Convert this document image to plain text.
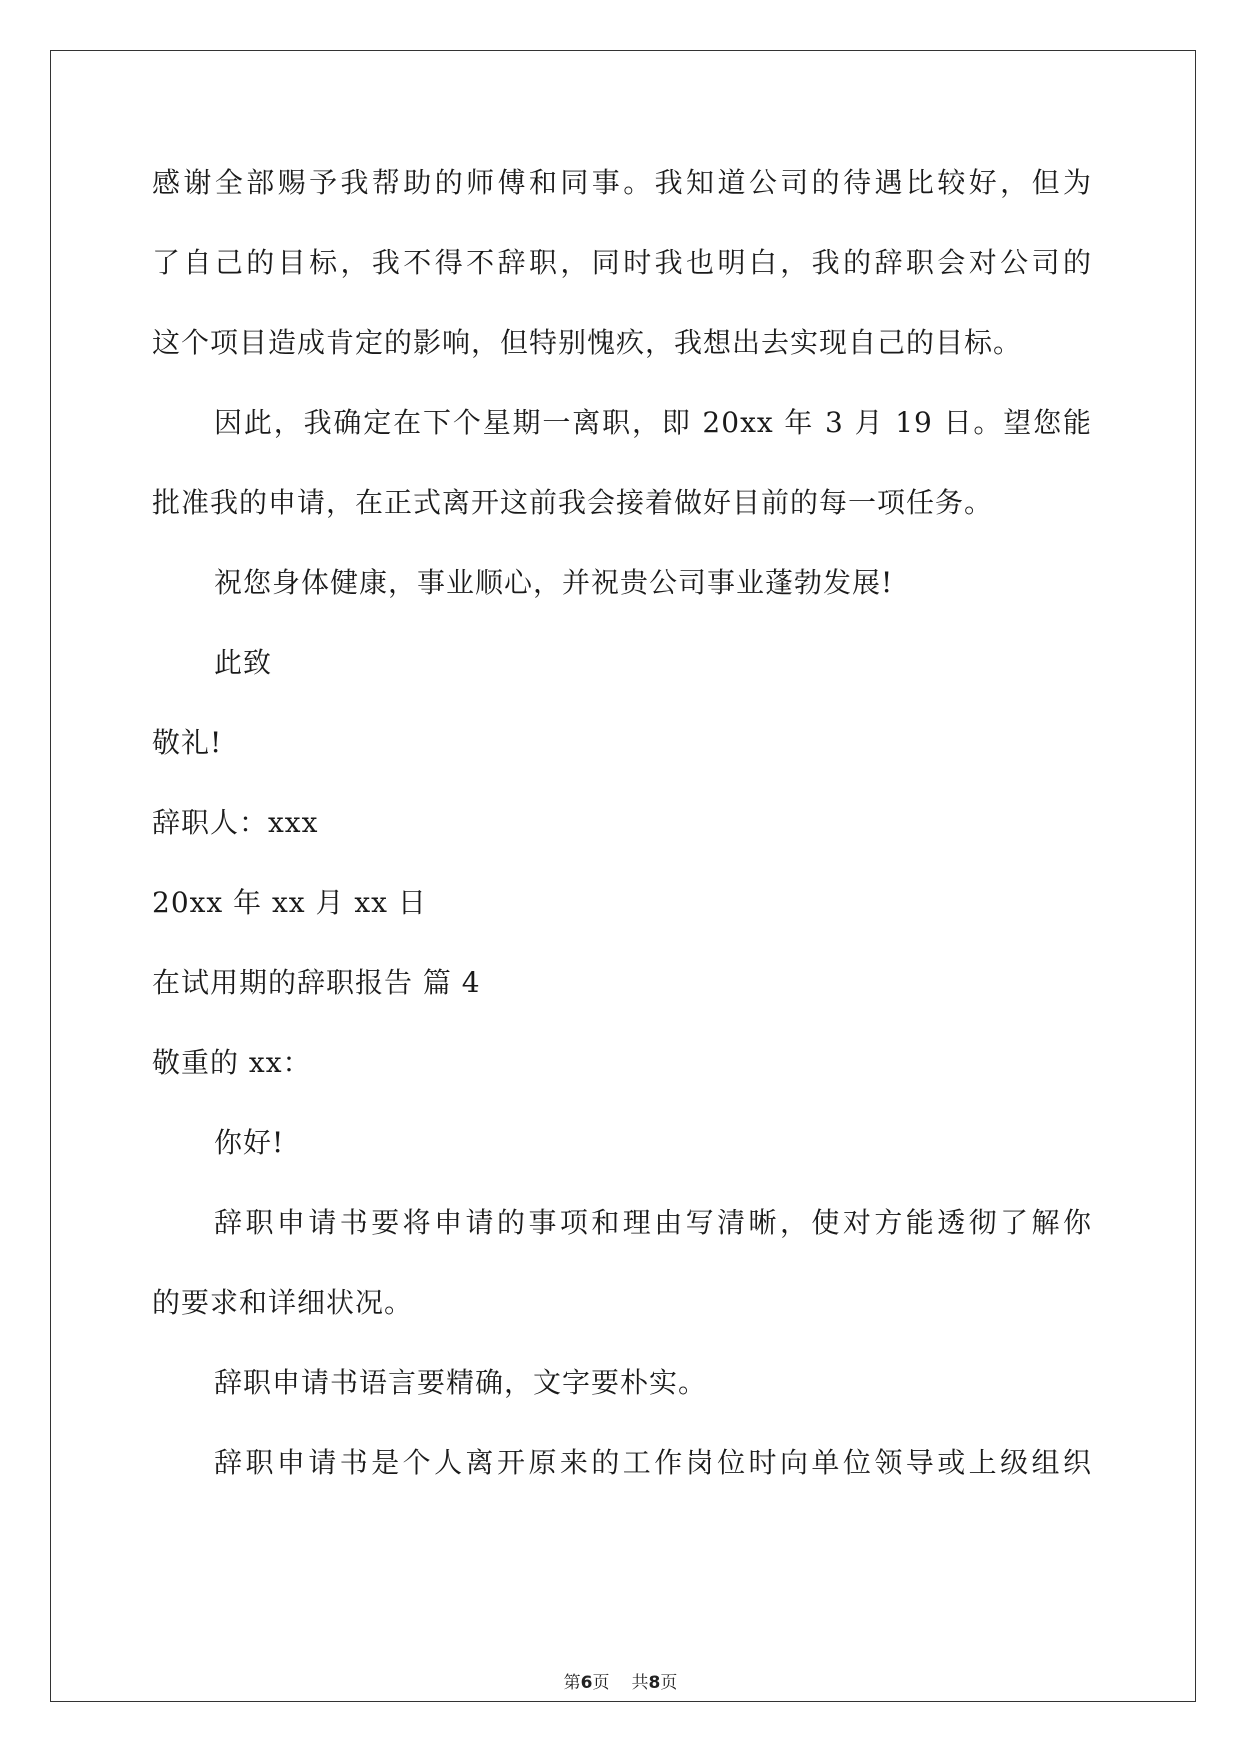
感谢全部赐予我帮助的师傅和同事。我知道公司的待遇比较好，但为
了自己的目标，我不得不辞职，同时我也明白，我的辞职会对公司的
这个项目造成肯定的影响，但特别愧疚，我想出去实现自己的目标。
因此，我确定在下个星期一离职，即 20xx 年 3 月 19 日。望您能
批准我的申请，在正式离开这前我会接着做好目前的每一项任务。
祝您身体健康，事业顺心，并祝贵公司事业蓬勃发展!
此致
敬礼!
辞职人：xxx
20xx 年 xx 月 xx 日
在试用期的辞职报告 篇 4
敬重的 xx：
你好!
辞职申请书要将申请的事项和理由写清晰，使对方能透彻了解你
的要求和详细状况。
辞职申请书语言要精确，文字要朴实。
辞职申请书是个人离开原来的工作岗位时向单位领导或上级组织
第6页 共8页
